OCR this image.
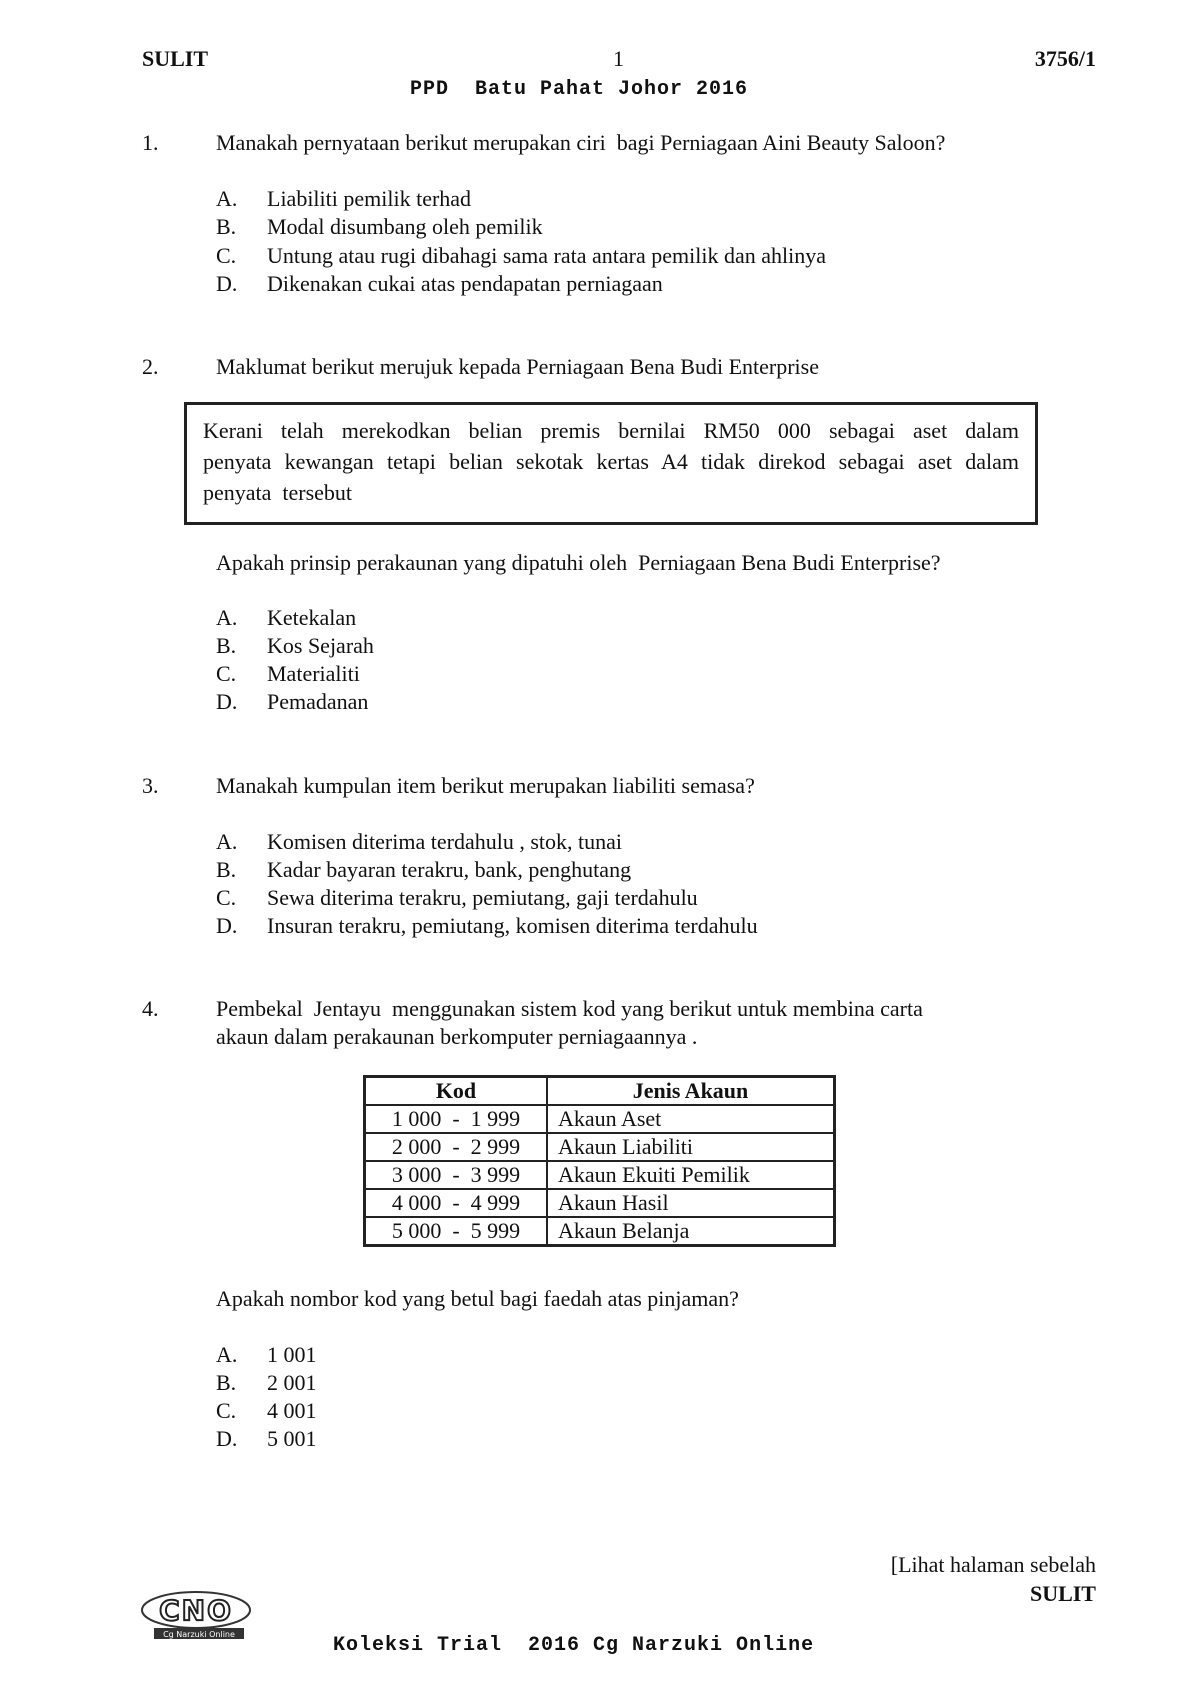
SULIT	1	3756/1
PPD  Batu Pahat Johor 2016
1.	Manakah pernyataan berikut merupakan ciri  bagi Perniagaan Aini Beauty Saloon?
A. Liabiliti pemilik terhad
B. Modal disumbang oleh pemilik
C. Untung atau rugi dibahagi sama rata antara pemilik dan ahlinya
D. Dikenakan cukai atas pendapatan perniagaan
2.	Maklumat berikut merujuk kepada Perniagaan Bena Budi Enterprise
Kerani telah merekodkan belian premis bernilai RM50 000 sebagai aset dalam
penyata kewangan tetapi belian sekotak kertas A4 tidak direkod sebagai aset dalam
penyata  tersebut
Apakah prinsip perakaunan yang dipatuhi oleh  Perniagaan Bena Budi Enterprise?
A. Ketekalan
B. Kos Sejarah
C. Materialiti
D. Pemadanan
3.	Manakah kumpulan item berikut merupakan liabiliti semasa?
A. Komisen diterima terdahulu , stok, tunai
B. Kadar bayaran terakru, bank, penghutang
C. Sewa diterima terakru, pemiutang, gaji terdahulu
D. Insuran terakru, pemiutang, komisen diterima terdahulu
4.	Pembekal  Jentayu  menggunakan sistem kod yang berikut untuk membina carta
akaun dalam perakaunan berkomputer perniagaannya .
Kod	Jenis Akaun
1 000  -  1 999	Akaun Aset
2 000  -  2 999	Akaun Liabiliti
3 000  -  3 999	Akaun Ekuiti Pemilik
4 000  -  4 999	Akaun Hasil
5 000  -  5 999	Akaun Belanja
Apakah nombor kod yang betul bagi faedah atas pinjaman?
A. 1 001
B. 2 001
C. 4 001
D. 5 001
[Lihat halaman sebelah
SULIT
CNO
Cg Narzuki Online	Koleksi Trial  2016 Cg Narzuki Online
